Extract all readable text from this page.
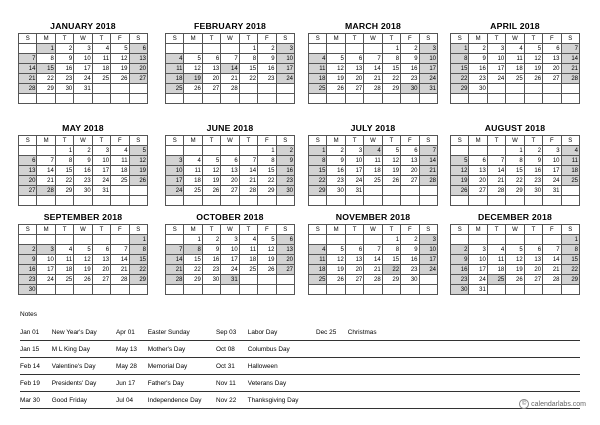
JANUARY 2018
S	M	T	W	T	F	S
	1	2	3	4	5	6
7	8	9	10	11	12	13
14	15	16	17	18	19	20
21	22	23	24	25	26	27
28	29	30	31			

FEBRUARY 2018
S	M	T	W	T	F	S
				1	2	3
4	5	6	7	8	9	10
11	12	13	14	15	16	17
18	19	20	21	22	23	24
25	26	27	28			

MARCH 2018
S	M	T	W	T	F	S
				1	2	3
4	5	6	7	8	9	10
11	12	13	14	15	16	17
18	19	20	21	22	23	24
25	26	27	28	29	30	31

APRIL 2018
S	M	T	W	T	F	S
1	2	3	4	5	6	7
8	9	10	11	12	13	14
15	16	17	18	19	20	21
22	23	24	25	26	27	28
29	30					

MAY 2018
S	M	T	W	T	F	S
		1	2	3	4	5
6	7	8	9	10	11	12
13	14	15	16	17	18	19
20	21	22	23	24	25	26
27	28	29	30	31		

JUNE 2018
S	M	T	W	T	F	S
					1	2
3	4	5	6	7	8	9
10	11	12	13	14	15	16
17	18	19	20	21	22	23
24	25	26	27	28	29	30

JULY 2018
S	M	T	W	T	F	S
1	2	3	4	5	6	7
8	9	10	11	12	13	14
15	16	17	18	19	20	21
22	23	24	25	26	27	28
29	30	31				

AUGUST 2018
S	M	T	W	T	F	S
			1	2	3	4
5	6	7	8	9	10	11
12	13	14	15	16	17	18
19	20	21	22	23	24	25
26	27	28	29	30	31	

SEPTEMBER 2018
S	M	T	W	T	F	S
						1
2	3	4	5	6	7	8
9	10	11	12	13	14	15
16	17	18	19	20	21	22
23	24	25	26	27	28	29
30						
OCTOBER 2018
S	M	T	W	T	F	S
	1	2	3	4	5	6
7	8	9	10	11	12	13
14	15	16	17	18	19	20
21	22	23	24	25	26	27
28	29	30	31			

NOVEMBER 2018
S	M	T	W	T	F	S
				1	2	3
4	5	6	7	8	9	10
11	12	13	14	15	16	17
18	19	20	21	22	23	24
25	26	27	28	29	30	

DECEMBER 2018
S	M	T	W	T	F	S
						1
2	3	4	5	6	7	8
9	10	11	12	13	14	15
16	17	18	19	20	21	22
23	24	25	26	27	28	29
30	31					
Notes
Jan 01 New Year's Day	Apr 01 Easter Sunday	Sep 03 Labor Day	Dec 25 Christmas
Jan 15 M L King Day	May 13 Mother's Day	Oct 08 Columbus Day
Feb 14 Valentine's Day	May 28 Memorial Day	Oct 31 Halloween
Feb 19 Presidents' Day	Jun 17 Father's Day	Nov 11 Veterans Day
Mar 30 Good Friday	Jul 04 Independence Day Nov 22 Thanksgiving Day	© calendarlabs.com
